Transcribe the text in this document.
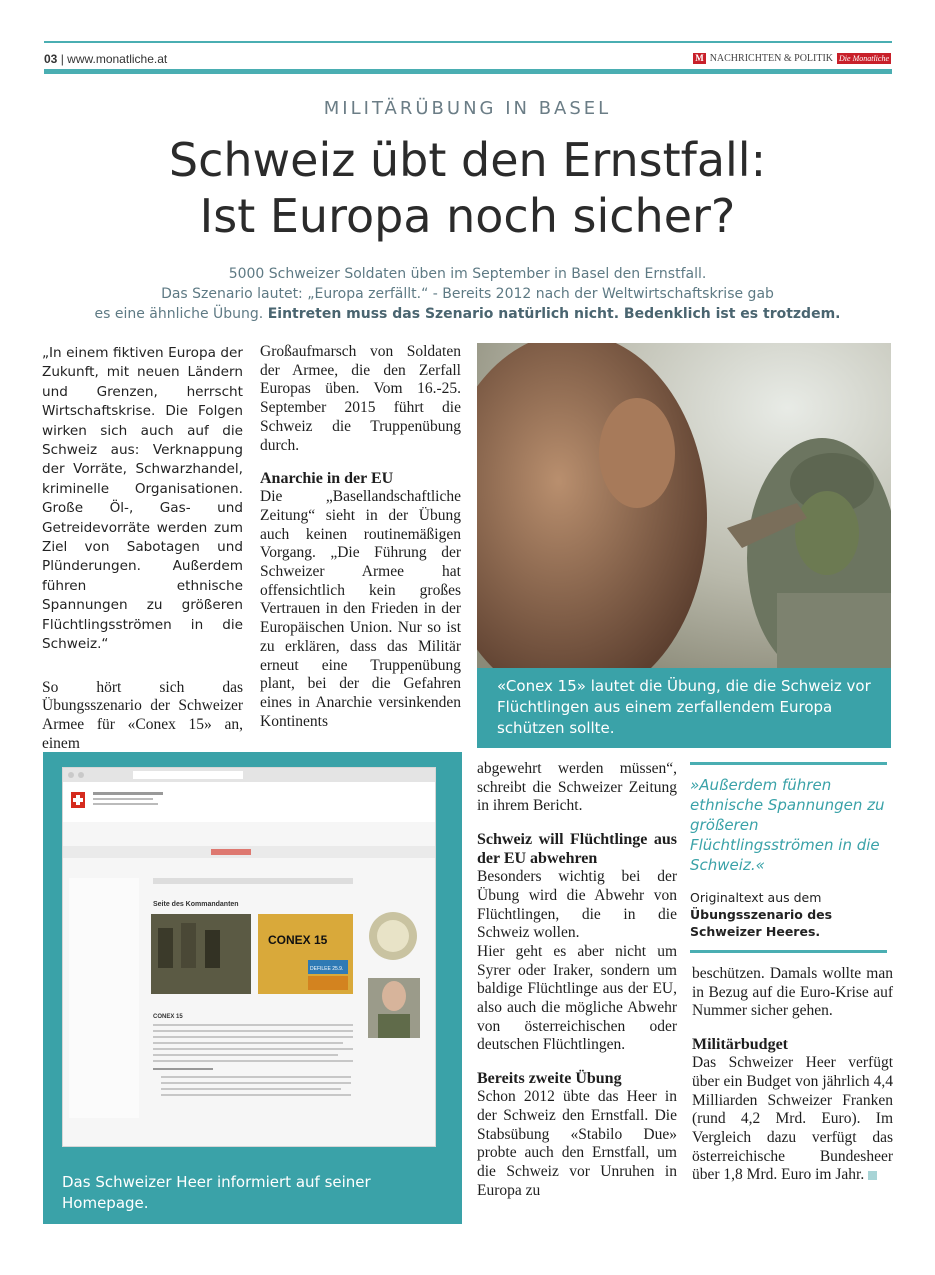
03 | www.monatliche.at	M NACHRICHTEN & POLITIK Die Monatliche
MILITÄRÜBUNG IN BASEL
Schweiz übt den Ernstfall:
Ist Europa noch sicher?
5000 Schweizer Soldaten üben im September in Basel den Ernstfall.
Das Szenario lautet: „Europa zerfällt.“ - Bereits 2012 nach der Weltwirtschaftskrise gab
es eine ähnliche Übung. Eintreten muss das Szenario natürlich nicht. Bedenklich ist es trotzdem.

„In einem fiktiven Europa der Zukunft, mit neuen Ländern und Grenzen, herrscht Wirtschaftskrise. Die Folgen wirken sich auch auf die Schweiz aus: Verknappung der Vorräte, Schwarzhandel, kriminelle Organisationen. Große Öl-, Gas- und Getreidevorräte werden zum Ziel von Sabotagen und Plünderungen. Außerdem führen ethnische Spannungen zu größeren Flüchtlingsströmen in die Schweiz.“

So hört sich das Übungsszenario der Schweizer Armee für «Conex 15» an, einem

Großaufmarsch von Soldaten der Armee, die den Zerfall Europas üben. Vom 16.-25. September 2015 führt die Schweiz die Truppenübung durch.

Anarchie in der EU

Die „Basellandschaftliche Zeitung“ sieht in der Übung auch keinen routinemäßigen Vorgang. „Die Führung der Schweizer Armee hat offensichtlich kein großes Vertrauen in den Frieden in der Europäischen Union. Nur so ist zu erklären, dass das Militär erneut eine Truppenübung plant, bei der die Gefahren eines in Anarchie versinkenden Kontinents

«Conex 15» lautet die Übung, die die Schweiz vor Flüchtlingen aus einem zerfallendem Europa schützen sollte.
Seite des Kommandanten
CONEX 15
DEFILEE 25.9.
CONEX 15
Das Schweizer Heer informiert auf seiner Homepage.

abgewehrt werden müssen“, schreibt die Schweizer Zeitung in ihrem Bericht.

Schweiz will Flüchtlinge aus der EU abwehren

Besonders wichtig bei der Übung wird die Abwehr von Flüchtlingen, die in die Schweiz wollen.

Hier geht es aber nicht um Syrer oder Iraker, sondern um baldige Flüchtlinge aus der EU, also auch die mögliche Abwehr von österreichischen oder deutschen Flüchtlingen.

Bereits zweite Übung

Schon 2012 übte das Heer in der Schweiz den Ernstfall. Die Stabsübung «Stabilo Due» probte auch den Ernstfall, um die Schweiz vor Unruhen in Europa zu

»Außerdem führen ethnische Spannungen zu größeren Flüchtlingsströmen in die Schweiz.«

Originaltext aus dem
Übungsszenario des Schweizer Heeres.

beschützen. Damals wollte man in Bezug auf die Euro-Krise auf Nummer sicher gehen.

Militärbudget

Das Schweizer Heer verfügt über ein Budget von jährlich 4,4 Milliarden Schweizer Franken (rund 4,2 Mrd. Euro). Im Vergleich dazu verfügt das österreichische Bundesheer über 1,8 Mrd. Euro im Jahr.
